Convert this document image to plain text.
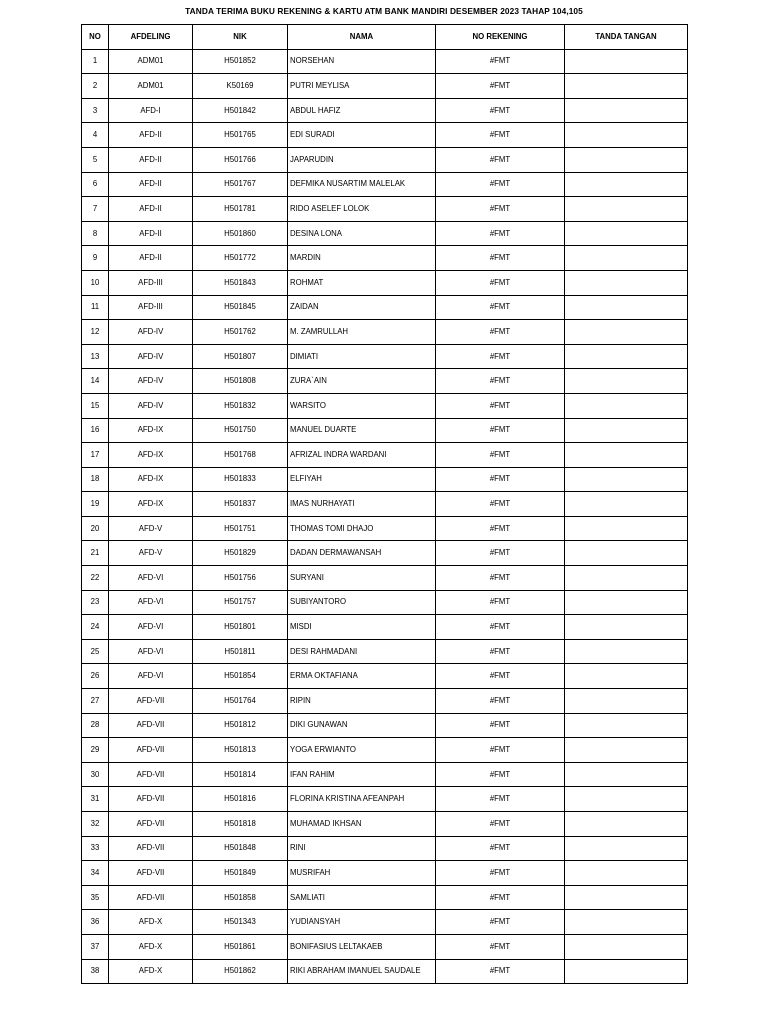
TANDA TERIMA BUKU REKENING & KARTU ATM BANK MANDIRI DESEMBER 2023 TAHAP 104,105
NO	AFDELING	NIK	NAMA	NO REKENING	TANDA TANGAN
1	ADM01	H501852	NORSEHAN	#FMT	
2	ADM01	K50169	PUTRI MEYLISA	#FMT	
3	AFD-I	H501842	ABDUL HAFIZ	#FMT	
4	AFD-II	H501765	EDI SURADI	#FMT	
5	AFD-II	H501766	JAPARUDIN	#FMT	
6	AFD-II	H501767	DEFMIKA NUSARTIM MALELAK	#FMT	
7	AFD-II	H501781	RIDO ASELEF LOLOK	#FMT	
8	AFD-II	H501860	DESINA LONA	#FMT	
9	AFD-II	H501772	MARDIN	#FMT	
10	AFD-III	H501843	ROHMAT	#FMT	
11	AFD-III	H501845	ZAIDAN	#FMT	
12	AFD-IV	H501762	M. ZAMRULLAH	#FMT	
13	AFD-IV	H501807	DIMIATI	#FMT	
14	AFD-IV	H501808	ZURA`AIN	#FMT	
15	AFD-IV	H501832	WARSITO	#FMT	
16	AFD-IX	H501750	MANUEL DUARTE	#FMT	
17	AFD-IX	H501768	AFRIZAL INDRA WARDANI	#FMT	
18	AFD-IX	H501833	ELFIYAH	#FMT	
19	AFD-IX	H501837	IMAS NURHAYATI	#FMT	
20	AFD-V	H501751	THOMAS TOMI DHAJO	#FMT	
21	AFD-V	H501829	DADAN DERMAWANSAH	#FMT	
22	AFD-VI	H501756	SURYANI	#FMT	
23	AFD-VI	H501757	SUBIYANTORO	#FMT	
24	AFD-VI	H501801	MISDI	#FMT	
25	AFD-VI	H501811	DESI RAHMADANI	#FMT	
26	AFD-VI	H501854	ERMA OKTAFIANA	#FMT	
27	AFD-VII	H501764	RIPIN	#FMT	
28	AFD-VII	H501812	DIKI GUNAWAN	#FMT	
29	AFD-VII	H501813	YOGA ERWIANTO	#FMT	
30	AFD-VII	H501814	IFAN RAHIM	#FMT	
31	AFD-VII	H501816	FLORINA KRISTINA AFEANPAH	#FMT	
32	AFD-VII	H501818	MUHAMAD IKHSAN	#FMT	
33	AFD-VII	H501848	RINI	#FMT	
34	AFD-VII	H501849	MUSRIFAH	#FMT	
35	AFD-VII	H501858	SAMLIATI	#FMT	
36	AFD-X	H501343	YUDIANSYAH	#FMT	
37	AFD-X	H501861	BONIFASIUS LELTAKAEB	#FMT	
38	AFD-X	H501862	RIKI ABRAHAM IMANUEL SAUDALE	#FMT	
